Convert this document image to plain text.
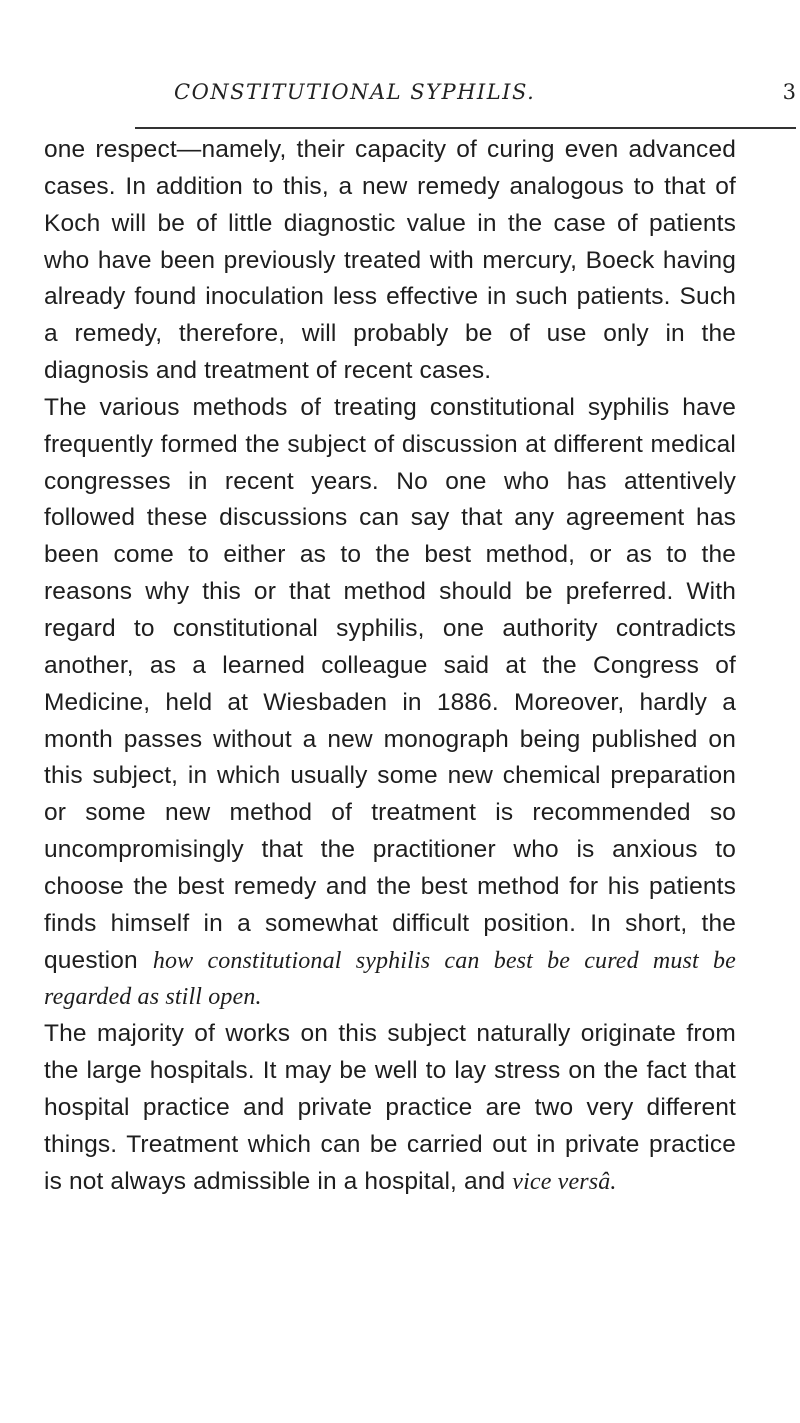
CONSTITUTIONAL SYPHILIS.	3

one respect—namely, their capacity of curing even advanced cases. In addition to this, a new remedy analogous to that of Koch will be of little diagnostic value in the case of patients who have been previously treated with mercury, Boeck having already found inoculation less effective in such patients. Such a remedy, therefore, will probably be of use only in the diagnosis and treatment of recent cases.

The various methods of treating constitutional syphilis have frequently formed the subject of discussion at different medical congresses in recent years. No one who has attentively followed these discussions can say that any agreement has been come to either as to the best method, or as to the reasons why this or that method should be preferred. With regard to constitutional syphilis, one authority contradicts another, as a learned colleague said at the Congress of Medicine, held at Wiesbaden in 1886. Moreover, hardly a month passes without a new monograph being published on this subject, in which usually some new chemical preparation or some new method of treatment is recommended so uncompromisingly that the practitioner who is anxious to choose the best remedy and the best method for his patients finds himself in a somewhat difficult position. In short, the question how constitutional syphilis can best be cured must be regarded as still open.

The majority of works on this subject naturally originate from the large hospitals. It may be well to lay stress on the fact that hospital practice and private practice are two very different things. Treatment which can be carried out in private practice is not always admissible in a hospital, and vice versâ.
